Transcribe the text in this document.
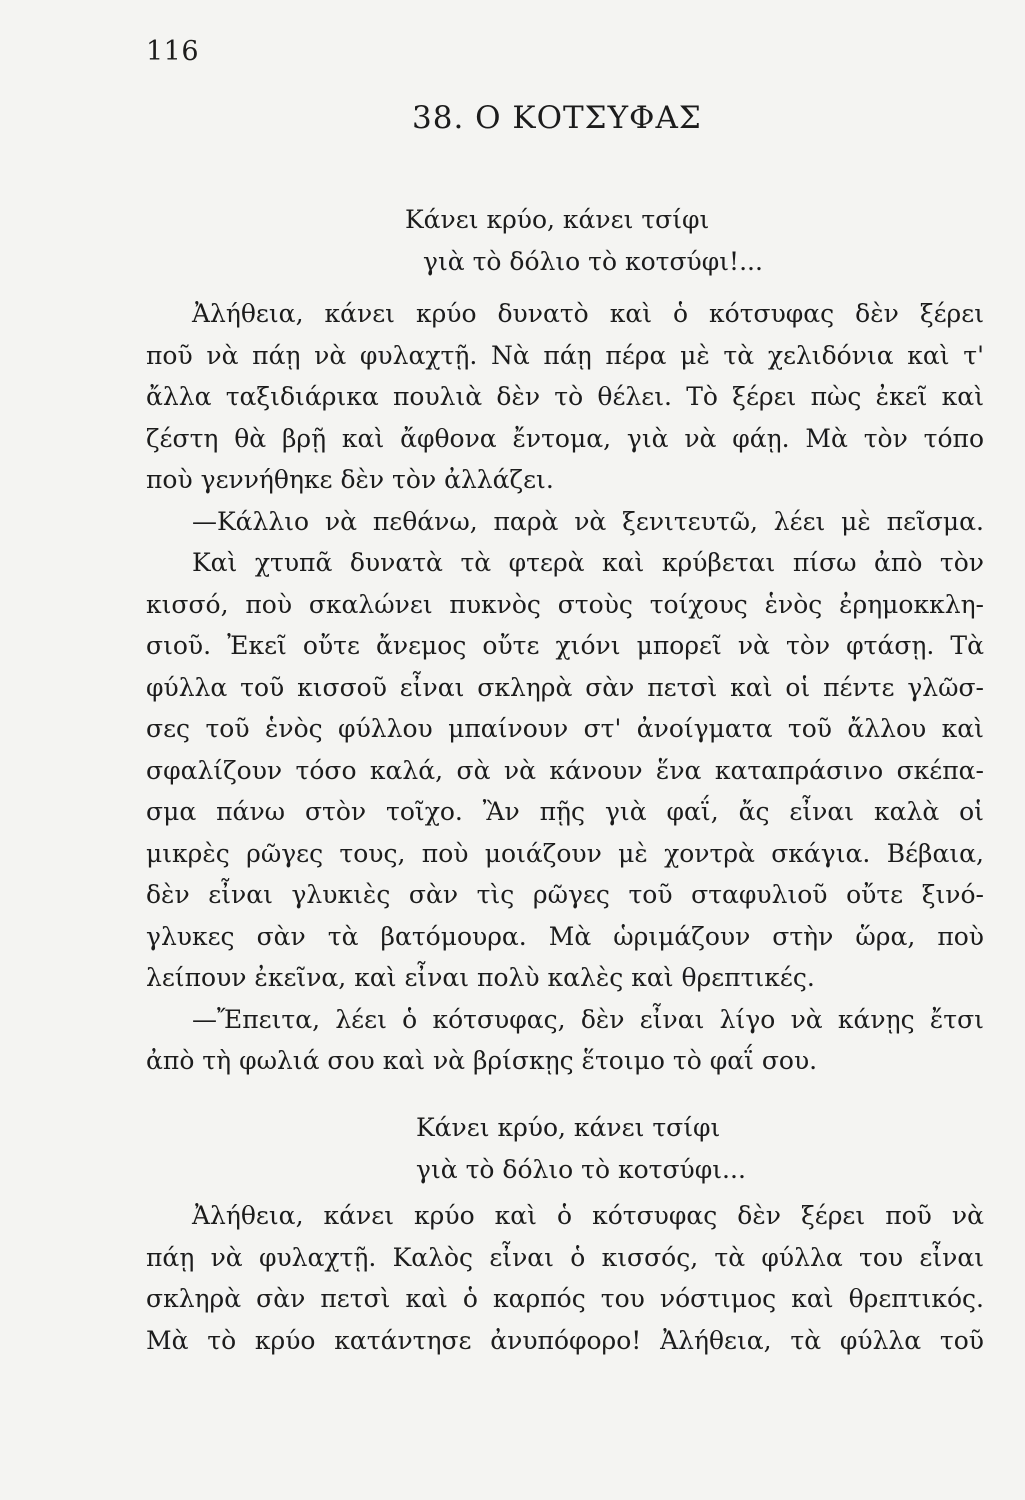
116
38. Ο ΚΟΤΣΥΦΑΣ
Κάνει κρύο, κάνει τσίφι
γιὰ τὸ δόλιο τὸ κοτσύφι!...
Ἀλήθεια, κάνει κρύο δυνατὸ καὶ ὁ κότσυφας δὲν ξέρει
ποῦ νὰ πάῃ νὰ φυλαχτῇ. Νὰ πάῃ πέρα μὲ τὰ χελιδόνια καὶ τ'
ἄλλα ταξιδιάρικα πουλιὰ δὲν τὸ θέλει. Τὸ ξέρει πὼς ἐκεῖ καὶ
ζέστη θὰ βρῇ καὶ ἄφθονα ἔντομα, γιὰ νὰ φάῃ. Μὰ τὸν τόπο
ποὺ γεννήθηκε δὲν τὸν ἀλλάζει.
—Κάλλιο νὰ πεθάνω, παρὰ νὰ ξενιτευτῶ, λέει μὲ πεῖσμα.
Καὶ χτυπᾶ δυνατὰ τὰ φτερὰ καὶ κρύβεται πίσω ἀπὸ τὸν
κισσό, ποὺ σκαλώνει πυκνὸς στοὺς τοίχους ἑνὸς ἐρημοκκλη-
σιοῦ. Ἐκεῖ οὔτε ἄνεμος οὔτε χιόνι μπορεῖ νὰ τὸν φτάσῃ. Τὰ
φύλλα τοῦ κισσοῦ εἶναι σκληρὰ σὰν πετσὶ καὶ οἱ πέντε γλῶσ-
σες τοῦ ἑνὸς φύλλου μπαίνουν στ' ἀνοίγματα τοῦ ἄλλου καὶ
σφαλίζουν τόσο καλά, σὰ νὰ κάνουν ἕνα καταπράσινο σκέπα-
σμα πάνω στὸν τοῖχο. Ἂν πῇς γιὰ φαΐ, ἄς εἶναι καλὰ οἱ
μικρὲς ρῶγες τους, ποὺ μοιάζουν μὲ χοντρὰ σκάγια. Βέβαια,
δὲν εἶναι γλυκιὲς σὰν τὶς ρῶγες τοῦ σταφυλιοῦ οὔτε ξινό-
γλυκες σὰν τὰ βατόμουρα. Μὰ ὡριμάζουν στὴν ὥρα, ποὺ
λείπουν ἐκεῖνα, καὶ εἶναι πολὺ καλὲς καὶ θρεπτικές.
—Ἔπειτα, λέει ὁ κότσυφας, δὲν εἶναι λίγο νὰ κάνῃς ἔτσι
ἀπὸ τὴ φωλιά σου καὶ νὰ βρίσκῃς ἕτοιμο τὸ φαΐ σου.
Κάνει κρύο, κάνει τσίφι
γιὰ τὸ δόλιο τὸ κοτσύφι...
Ἀλήθεια, κάνει κρύο καὶ ὁ κότσυφας δὲν ξέρει ποῦ νὰ
πάῃ νὰ φυλαχτῇ. Καλὸς εἶναι ὁ κισσός, τὰ φύλλα του εἶναι
σκληρὰ σὰν πετσὶ καὶ ὁ καρπός του νόστιμος καὶ θρεπτικός.
Μὰ τὸ κρύο κατάντησε ἀνυπόφορο! Ἀλήθεια, τὰ φύλλα τοῦ
